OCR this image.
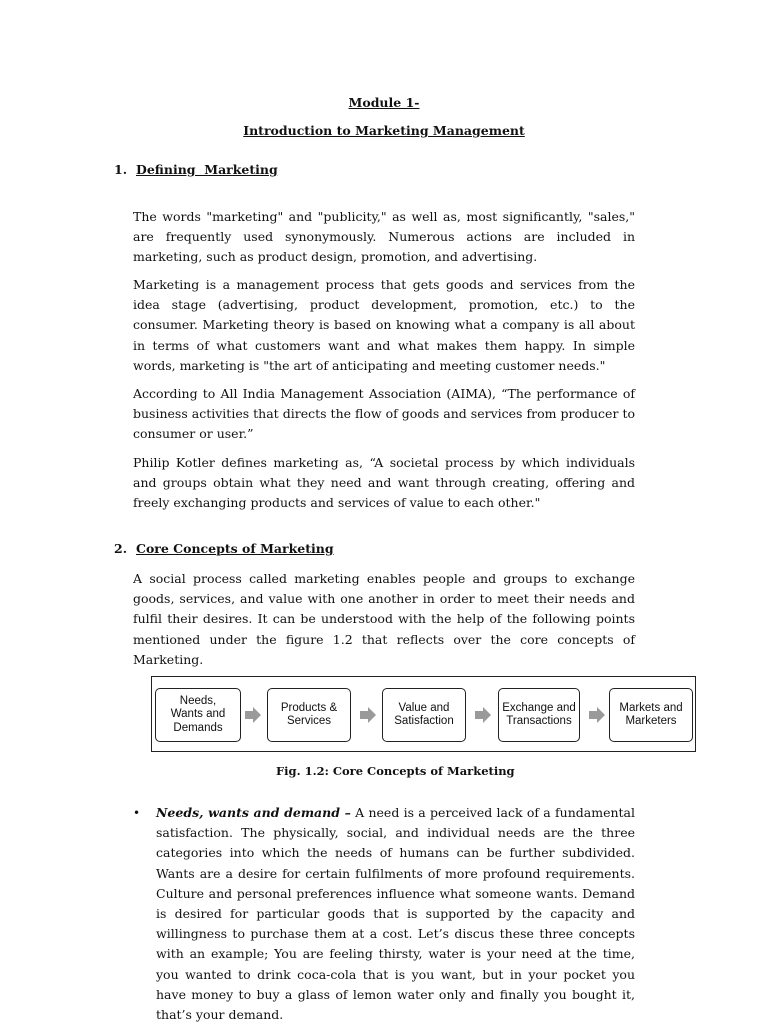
Module 1-
Introduction to Marketing Management
1. Defining  Marketing

The words "marketing" and "publicity," as well as, most significantly, "sales," are frequently used synonymously. Numerous actions are included in marketing, such as product design, promotion, and advertising.

Marketing is a management process that gets goods and services from the idea stage (advertising, product development, promotion, etc.) to the consumer. Marketing theory is based on knowing what a company is all about in terms of what customers want and what makes them happy. In simple words, marketing is "the art of anticipating and meeting customer needs."

According to All India Management Association (AIMA), “The performance of business activities that directs the flow of goods and services from producer to consumer or user.”

Philip Kotler defines marketing as, “A societal process by which individuals and groups obtain what they need and want through creating, offering and freely exchanging products and services of value to each other."

2. Core Concepts of Marketing

A social process called marketing enables people and groups to exchange goods, services, and value with one another in order to meet their needs and fulfil their desires. It can be understood with the help of the following points mentioned under the figure 1.2 that reflects over the core concepts of Marketing.

Needs, Wants and Demands
Products & Services
Value and Satisfaction
Exchange and Transactions
Markets and Marketers
Fig. 1.2: Core Concepts of Marketing
• Needs, wants and demand – A need is a perceived lack of a fundamental satisfaction. The physically, social, and individual needs are the three categories into which the needs of humans can be further subdivided. Wants are a desire for certain fulfilments of more profound requirements. Culture and personal preferences influence what someone wants. Demand is desired for particular goods that is supported by the capacity and willingness to purchase them at a cost. Let’s discus these three concepts with an example; You are feeling thirsty, water is your need at the time, you wanted to drink coca-cola that is you want, but in your pocket you have money to buy a glass of lemon water only and finally you bought it, that’s your demand.
